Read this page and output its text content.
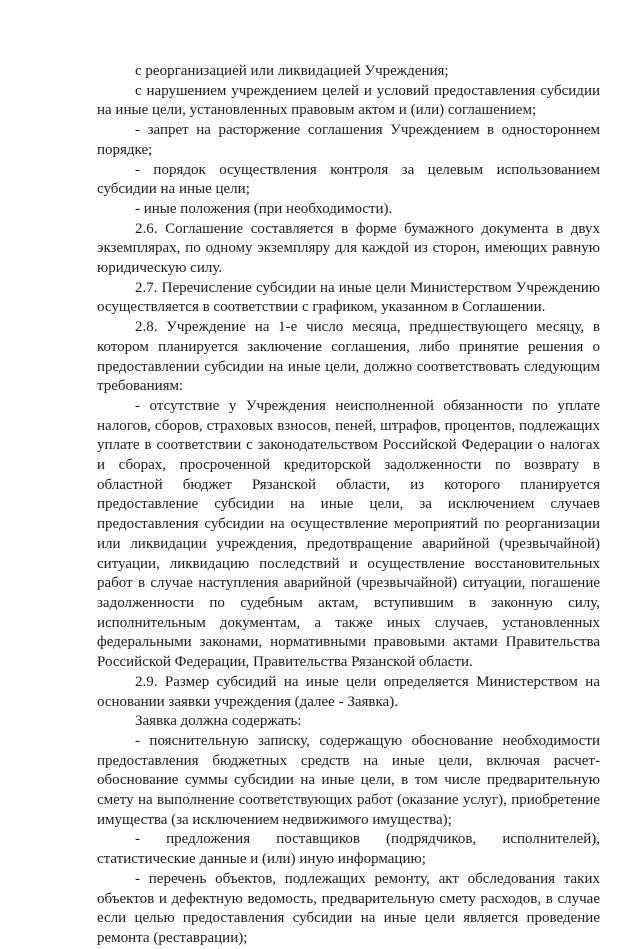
с реорганизацией или ликвидацией Учреждения;

с нарушением учреждением целей и условий предоставления субсидии на иные цели, установленных правовым актом и (или) соглашением;

- запрет на расторжение соглашения Учреждением в одностороннем порядке;

- порядок осуществления контроля за целевым использованием субсидии на иные цели;

- иные положения (при необходимости).

2.6. Соглашение составляется в форме бумажного документа в двух экземплярах, по одному экземпляру для каждой из сторон, имеющих равную юридическую силу.

2.7. Перечисление субсидии на иные цели Министерством Учреждению осуществляется в соответствии с графиком, указанном в Соглашении.

2.8. Учреждение на 1-е число месяца, предшествующего месяцу, в котором планируется заключение соглашения, либо принятие решения о предоставлении субсидии на иные цели, должно соответствовать следующим требованиям:

- отсутствие у Учреждения неисполненной обязанности по уплате налогов, сборов, страховых взносов, пеней, штрафов, процентов, подлежащих уплате в соответствии с законодательством Российской Федерации о налогах и сборах, просроченной кредиторской задолженности по возврату в областной бюджет Рязанской области, из которого планируется предоставление субсидии на иные цели, за исключением случаев предоставления субсидии на осуществление мероприятий по реорганизации или ликвидации учреждения, предотвращение аварийной (чрезвычайной) ситуации, ликвидацию последствий и осуществление восстановительных работ в случае наступления аварийной (чрезвычайной) ситуации, погашение задолженности по судебным актам, вступившим в законную силу, исполнительным документам, а также иных случаев, установленных федеральными законами, нормативными правовыми актами Правительства Российской Федерации, Правительства Рязанской области.

2.9. Размер субсидий на иные цели определяется Министерством на основании заявки учреждения (далее - Заявка).

Заявка должна содержать:

- пояснительную записку, содержащую обоснование необходимости предоставления бюджетных средств на иные цели, включая расчет-обоснование суммы субсидии на иные цели, в том числе предварительную смету на выполнение соответствующих работ (оказание услуг), приобретение имущества (за исключением недвижимого имущества);

- предложения поставщиков (подрядчиков, исполнителей), статистические данные и (или) иную информацию;

- перечень объектов, подлежащих ремонту, акт обследования таких объектов и дефектную ведомость, предварительную смету расходов, в случае если целью предоставления субсидии на иные цели является проведение ремонта (реставрации);
